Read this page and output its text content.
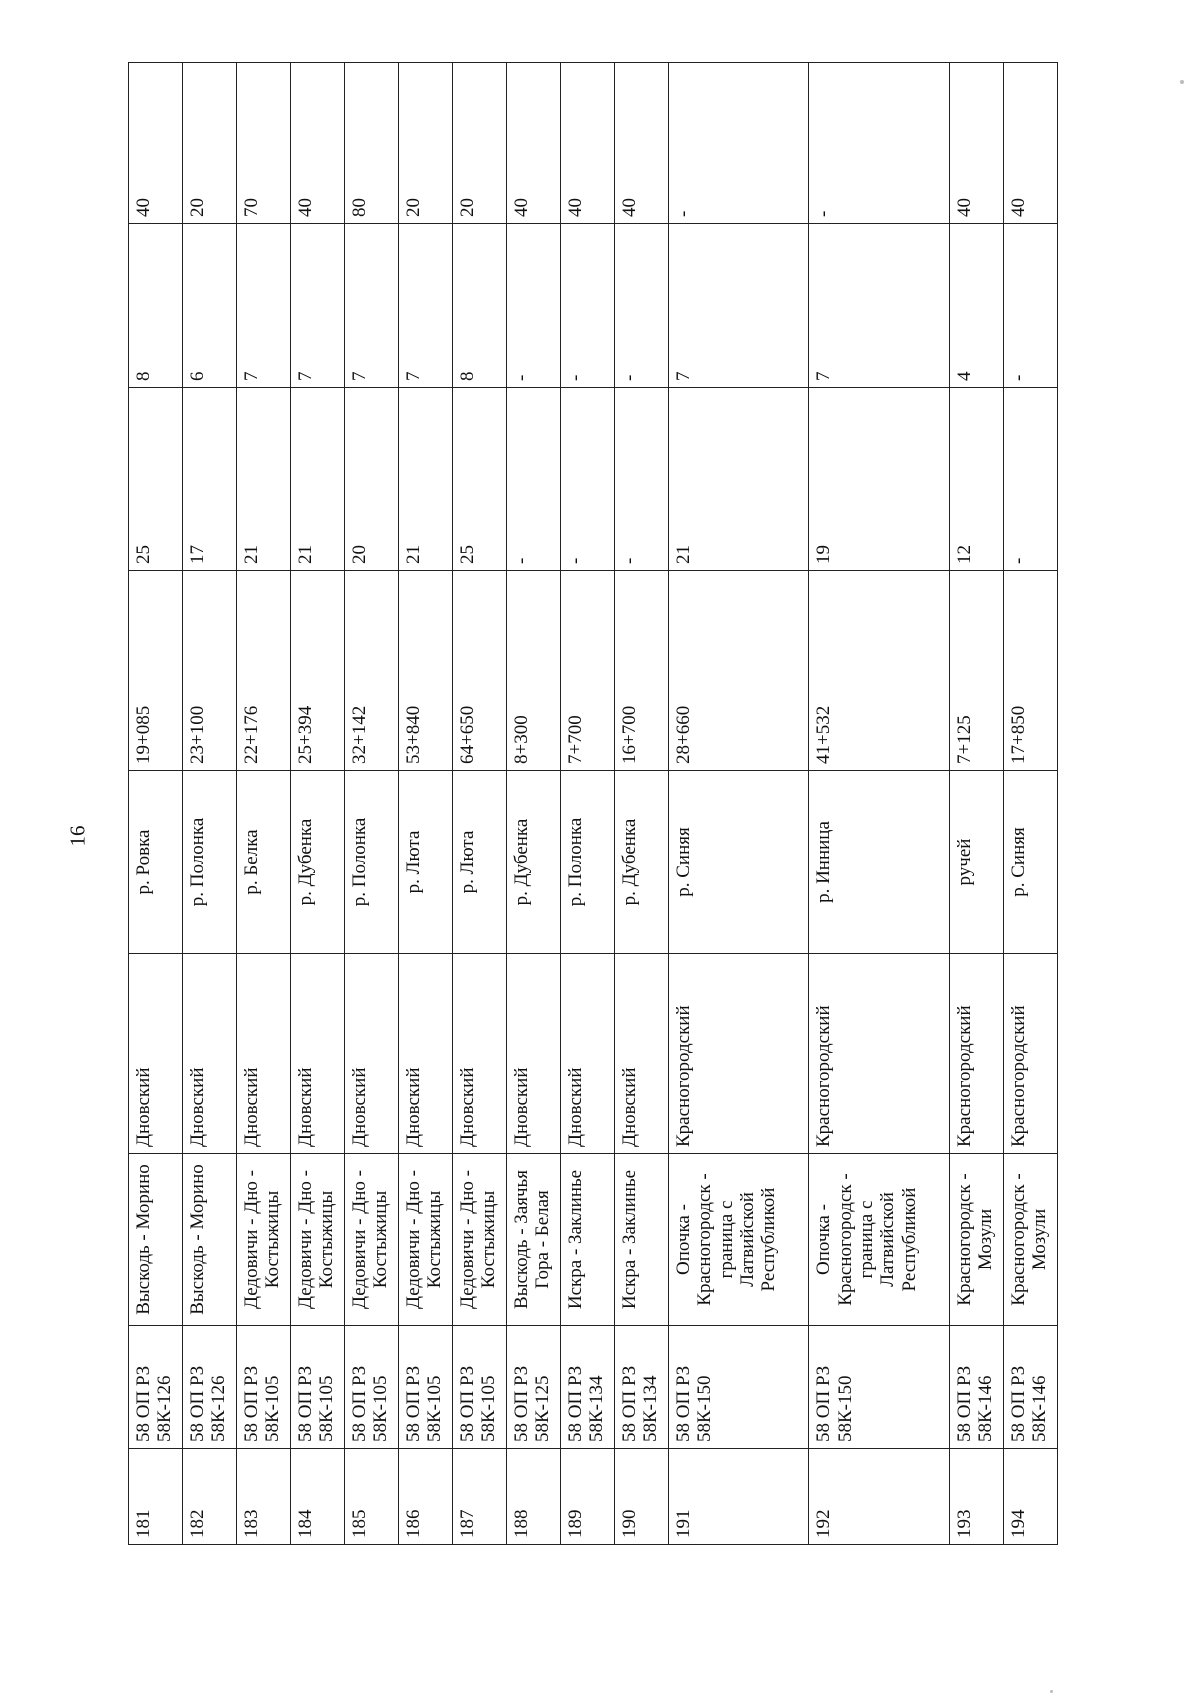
16
181	58 ОП РЗ 58К-126	Выскодь - Морино	Дновский	р. Ровка	19+085	25	8	40
182	58 ОП РЗ 58К-126	Выскодь - Морино	Дновский	р. Полонка	23+100	17	6	20
183	58 ОП РЗ 58К-105	Дедовичи - Дно - Костыжицы	Дновский	р. Белка	22+176	21	7	70
184	58 ОП РЗ 58К-105	Дедовичи - Дно - Костыжицы	Дновский	р. Дубенка	25+394	21	7	40
185	58 ОП РЗ 58К-105	Дедовичи - Дно - Костыжицы	Дновский	р. Полонка	32+142	20	7	80
186	58 ОП РЗ 58К-105	Дедовичи - Дно - Костыжицы	Дновский	р. Люта	53+840	21	7	20
187	58 ОП РЗ 58К-105	Дедовичи - Дно - Костыжицы	Дновский	р. Люта	64+650	25	8	20
188	58 ОП РЗ 58К-125	Выскодь - Заячья Гора - Белая	Дновский	р. Дубенка	8+300	-	-	40
189	58 ОП РЗ 58К-134	Искра - Заклинье	Дновский	р. Полонка	7+700	-	-	40
190	58 ОП РЗ 58К-134	Искра - Заклинье	Дновский	р. Дубенка	16+700	-	-	40
191	58 ОП РЗ 58К-150	Опочка - Красногородск - граница с Латвийской Республикой	Красногородский	р. Синяя	28+660	21	7	-
192	58 ОП РЗ 58К-150	Опочка - Красногородск - граница с Латвийской Республикой	Красногородский	р. Инница	41+532	19	7	-
193	58 ОП РЗ 58К-146	Красногородск - Мозули	Красногородский	ручей	7+125	12	4	40
194	58 ОП РЗ 58К-146	Красногородск - Мозули	Красногородский	р. Синяя	17+850	-	-	40
